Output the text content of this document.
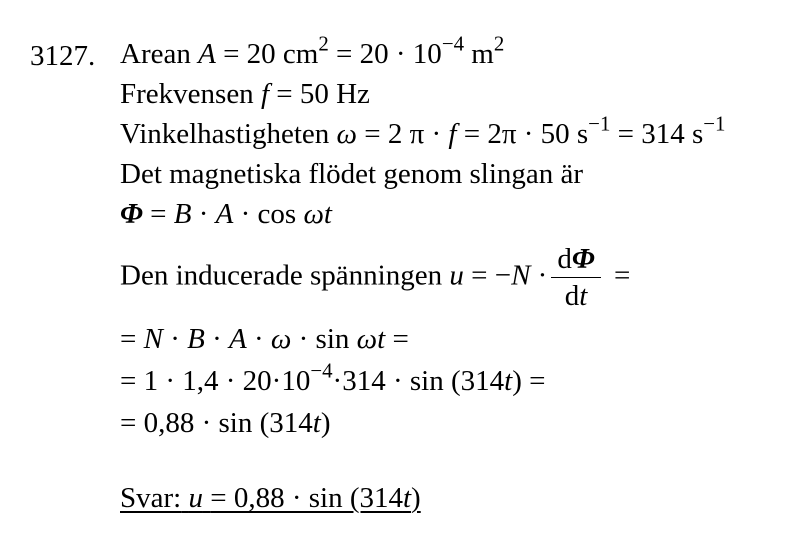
3127. Arean A = 20 $cm^2 = 20 \cdot 10^{-4}$ $m^2$
Frekvensen f = 50 Hz
Vinkelhastigheten ω = 2 π · f = 2π · 50 $s^{-1} = 314$ $s^{-1}$
Det magnetiska flödet genom slingan är
Φ = B · A · cos ωt
Den inducerade spänningen $u = -N \cdot \frac{d\Phi}{dt}$ =
= N · B · A · ω · sin ωt =
= $1 \cdot 1,4 \cdot 20\cdot 10^{-4}\cdot 314 \cdot \sin (314t)$ =
= 0,88 · sin (314t)
Svar: u = 0,88 · sin (314t)
